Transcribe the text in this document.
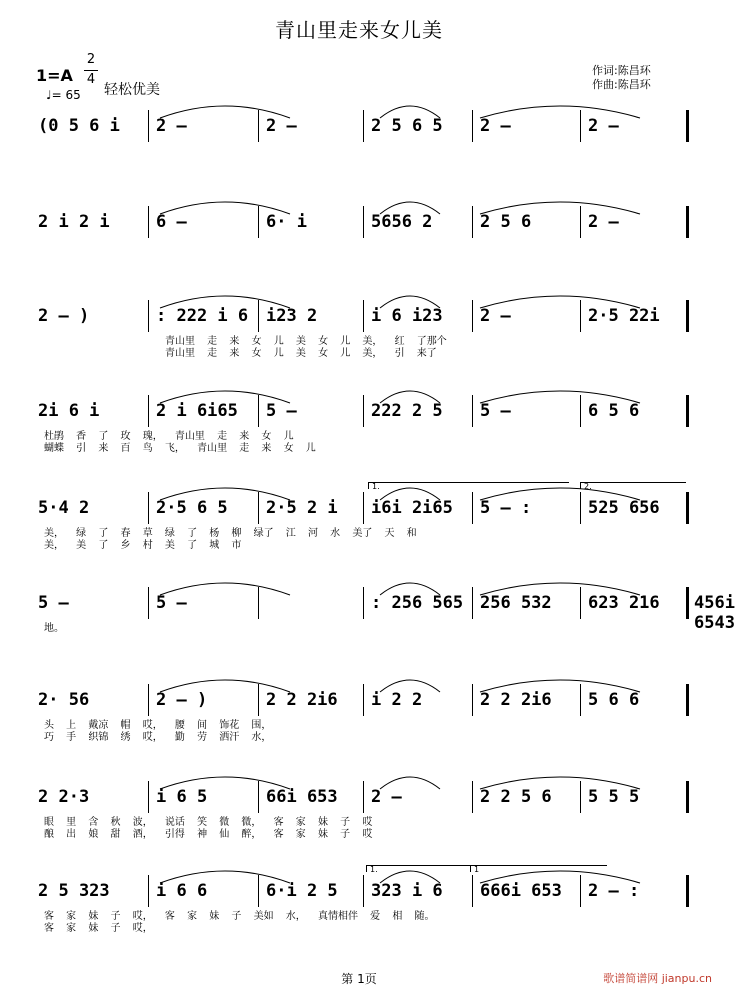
青山里走来女儿美
1=A
2
4
♩= 65 轻松优美
作词:陈昌环
作曲:陈昌环
(0 5 6 i 2 –	2 –	2 5 6 5 2 –	2 –
2 i 2 i	6 –	6· i	5656 2	2 5 6	2 –
2 – )	: 222 i 6 i23 2	i 6 i23 2 –	2·5 22i
青山里 走 来 女 儿 美 女 儿 美， 红 了那个
青山里 走 来 女 儿 美 女 儿 美， 引 来了
2i 6 i	2 i 6i65 5 –	222 2 5 5 –	6 5 6
杜鹃 香 了 玫 瑰， 青山里 走 来 女 儿
蝴蝶 引 来 百 鸟 飞， 青山里 走 来 女 儿
5·4 2	2·5 6 5 2·5 2 i i6i 2i65 5 – :	525 656
美， 绿 了 春 草 绿 了 杨 柳 绿了 江 河 水 美了 天 和
美， 美 了 乡 村 美 了 城 市
5 –	5 –	: 256 565 256 532 623 216 456i 6543
地。
2· 56	2 – )	2 2 2i6 i 2 2	2 2 2i6 5 6 6
头 上 戴凉 帽 哎， 腰 间 饰花 围，
巧 手 织锦 绣 哎， 勤 劳 洒汗 水，
2 2·3	i 6 5	66i 653 2 –	2 2 5 6 5 5 5
眼 里 含 秋 波， 说话 笑 微 微， 客 家 妹 子 哎
酿 出 娘 甜 酒， 引得 神 仙 醉， 客 家 妹 子 哎
2 5 323	i 6 6	6·i 2 5 323 i 6 666i 653 2 – :
客 家 妹 子 哎， 客 家 妹 子 美如 水， 真情相伴 爱 相 随。
客 家 妹 子 哎，
1.	2.
1.	1
第 1页	歌谱简谱网 jianpu.cn
